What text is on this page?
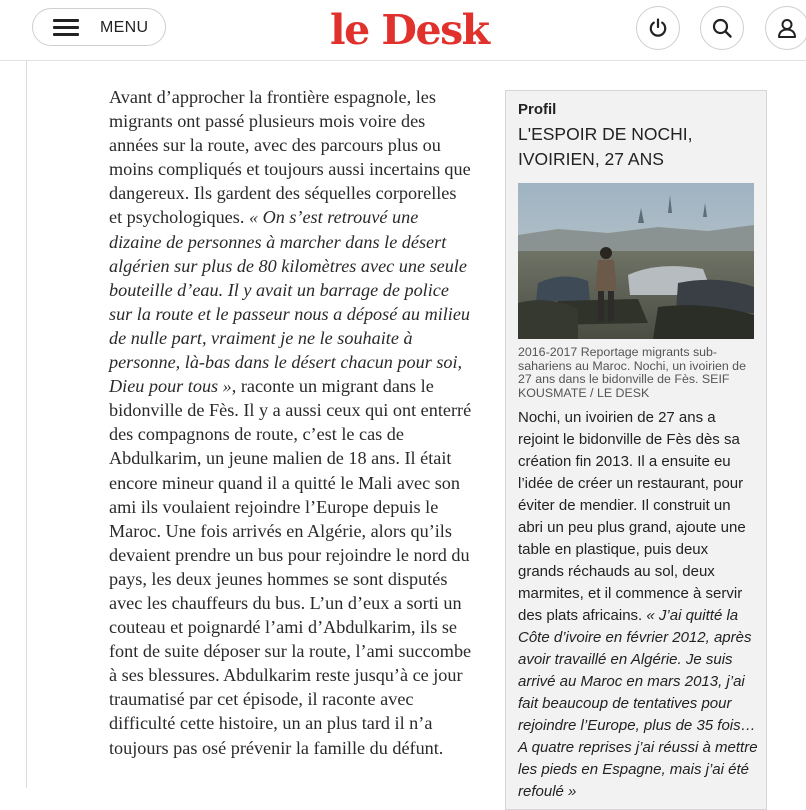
MENU	le Desk

Avant d’approcher la frontière espagnole, les migrants ont passé plusieurs mois voire des années sur la route, avec des parcours plus ou moins compliqués et toujours aussi incertains que dangereux. Ils gardent des séquelles corporelles et psychologiques. « On s’est retrouvé une dizaine de personnes à marcher dans le désert algérien sur plus de 80 kilomètres avec une seule bouteille d’eau. Il y avait un barrage de police sur la route et le passeur nous a déposé au milieu de nulle part, vraiment je ne le souhaite à personne, là-bas dans le désert chacun pour soi, Dieu pour tous », raconte un migrant dans le bidonville de Fès. Il y a aussi ceux qui ont enterré des compagnons de route, c’est le cas de Abdulkarim, un jeune malien de 18 ans. Il était encore mineur quand il a quitté le Mali avec son ami ils voulaient rejoindre l’Europe depuis le Maroc. Une fois arrivés en Algérie, alors qu’ils devaient prendre un bus pour rejoindre le nord du pays, les deux jeunes hommes se sont disputés avec les chauffeurs du bus. L’un d’eux a sorti un couteau et poignardé l’ami d’Abdulkarim, ils se font de suite déposer sur la route, l’ami succombe à ses blessures. Abdulkarim reste jusqu’à ce jour traumatisé par cet épisode, il raconte avec difficulté cette histoire, un an plus tard il n’a toujours pas osé prévenir la famille du défunt.

Profil
L'ESPOIR DE NOCHI, IVOIRIEN, 27 ANS
2016-2017 Reportage migrants sub-sahariens au Maroc. Nochi, un ivoirien de 27 ans dans le bidonville de Fès. SEIF KOUSMATE / LE DESK
Nochi, un ivoirien de 27 ans a rejoint le bidonville de Fès dès sa création fin 2013. Il a ensuite eu l’idée de créer un restaurant, pour éviter de mendier. Il construit un abri un peu plus grand, ajoute une table en plastique, puis deux grands réchauds au sol, deux marmites, et il commence à servir des plats africains. « J’ai quitté la Côte d’ivoire en février 2012, après avoir travaillé en Algérie. Je suis arrivé au Maroc en mars 2013, j’ai fait beaucoup de tentatives pour rejoindre l’Europe, plus de 35 fois… A quatre reprises j’ai réussi à mettre les pieds en Espagne, mais j’ai été refoulé »
